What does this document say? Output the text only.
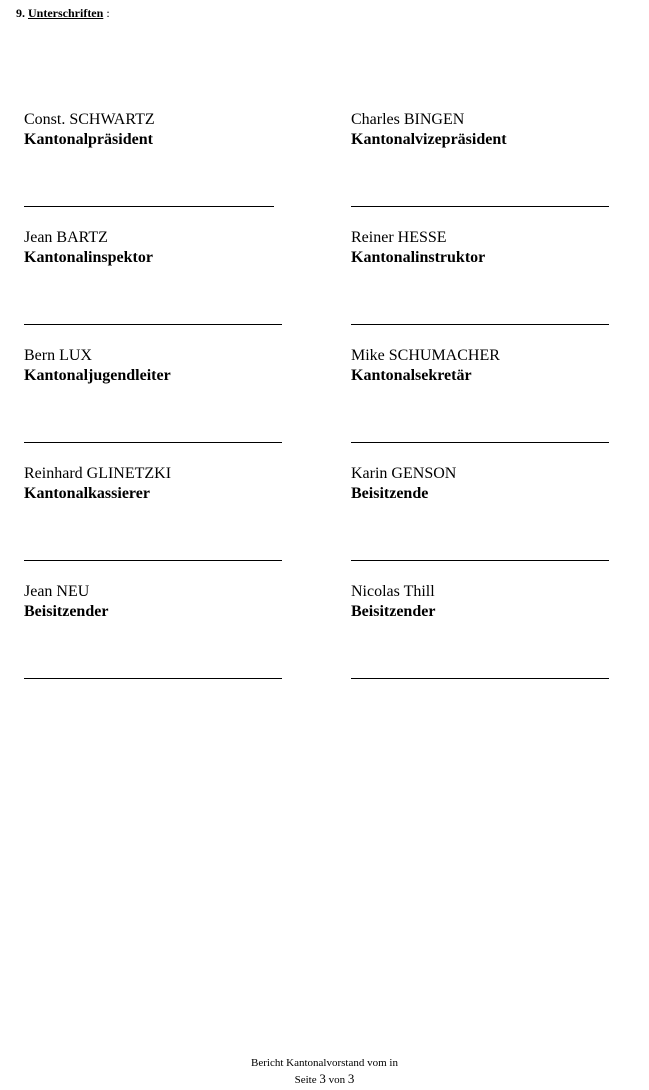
9. Unterschriften :
Const. SCHWARTZ
Kantonalpräsident
Charles BINGEN
Kantonalvizepräsident
Jean BARTZ
Kantonalinspektor
Reiner HESSE
Kantonalinstruktor
Bern LUX
Kantonaljugendleiter
Mike SCHUMACHER
Kantonalsekretär
Reinhard GLINETZKI
Kantonalkassierer
Karin GENSON
Beisitzende
Jean NEU
Beisitzender
Nicolas Thill
Beisitzender
Bericht Kantonalvorstand vom in
Seite 3 von 3
